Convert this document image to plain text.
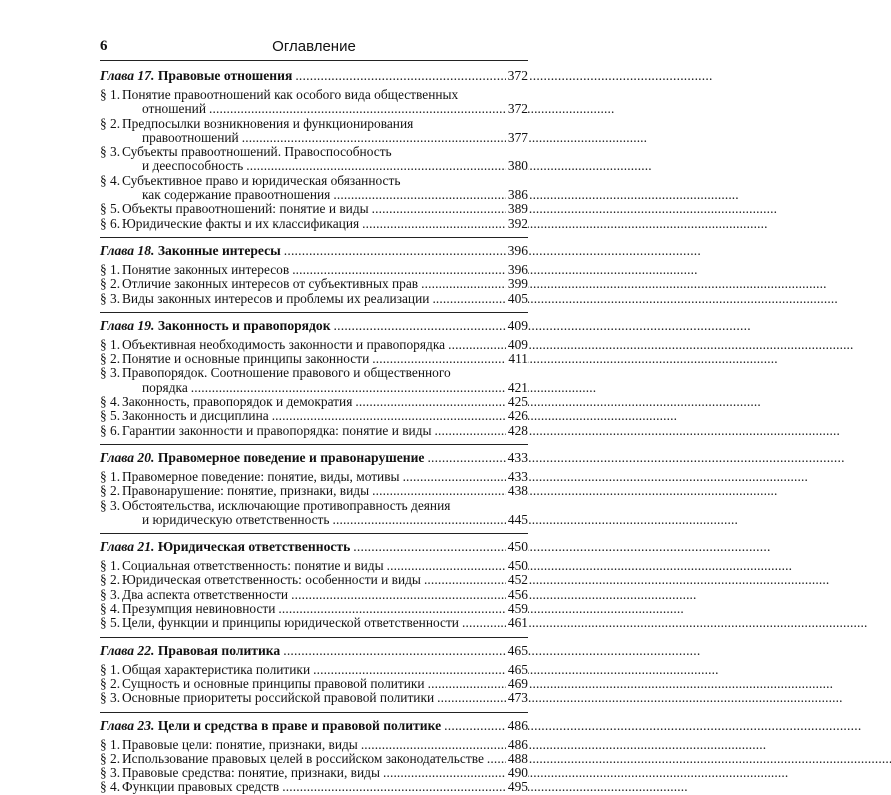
6	Оглавление
Глава 17. Правовые отношения . . .	372
§ 1. Понятие правоотношений как особого вида общественных
отношений . . .	372
§ 2. Предпосылки возникновения и функционирования
правоотношений . . .	377
§ 3. Субъекты правоотношений. Правоспособность
и дееспособность . . .	380
§ 4. Субъективное право и юридическая обязанность
как содержание правоотношения . . .	386
§ 5. Объекты правоотношений: понятие и виды . . .	389
§ 6. Юридические факты и их классификация . . .	392
Глава 18. Законные интересы . . .	396
§ 1. Понятие законных интересов . . .	396
§ 2. Отличие законных интересов от субъективных прав . . .	399
§ 3. Виды законных интересов и проблемы их реализации . . .	405
Глава 19. Законность и правопорядок . . .	409
§ 1. Объективная необходимость законности и правопорядка . . .	409
§ 2. Понятие и основные принципы законности . . .	411
§ 3. Правопорядок. Соотношение правового и общественного
порядка . . .	421
§ 4. Законность, правопорядок и демократия . . .	425
§ 5. Законность и дисциплина . . .	426
§ 6. Гарантии законности и правопорядка: понятие и виды . . .	428
Глава 20. Правомерное поведение и правонарушение . . .	433
§ 1. Правомерное поведение: понятие, виды, мотивы . . .	433
§ 2. Правонарушение: понятие, признаки, виды . . .	438
§ 3. Обстоятельства, исключающие противоправность деяния
и юридическую ответственность . . .	445
Глава 21. Юридическая ответственность . . .	450
§ 1. Социальная ответственность: понятие и виды . . .	450
§ 2. Юридическая ответственность: особенности и виды . . .	452
§ 3. Два аспекта ответственности . . .	456
§ 4. Презумпция невиновности . . .	459
§ 5. Цели, функции и принципы юридической ответственности . . .	461
Глава 22. Правовая политика . . .	465
§ 1. Общая характеристика политики . . .	465
§ 2. Сущность и основные принципы правовой политики . . .	469
§ 3. Основные приоритеты российской правовой политики . . .	473
Глава 23. Цели и средства в праве и правовой политике . . .	486
§ 1. Правовые цели: понятие, признаки, виды . . .	486
§ 2. Использование правовых целей в российском законодательстве . . .	488
§ 3. Правовые средства: понятие, признаки, виды . . .	490
§ 4. Функции правовых средств . . .	495
